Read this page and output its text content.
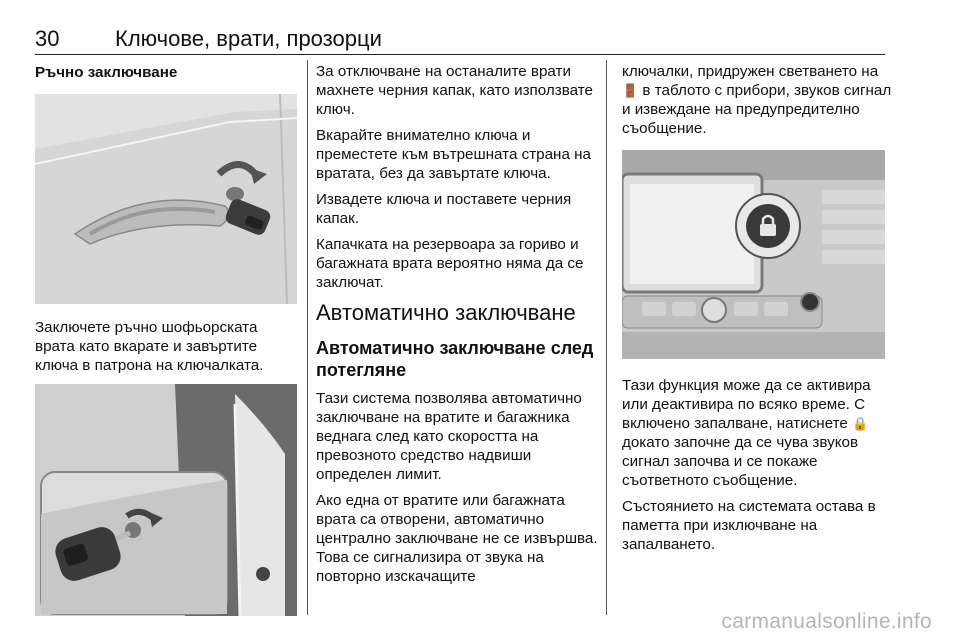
30	Ключове, врати, прозорци
Ръчно заключване

Заключете ръчно шофьорската врата като вкарате и завъртите ключа в патрона на ключалката.

За отключване на останалите врати махнете черния капак, като използвате ключ.

Вкарайте внимателно ключа и преместете към вътрешната страна на вратата, без да завъртате ключа.

Извадете ключа и поставете черния капак.

Капачката на резервоара за гориво и багажната врата вероятно няма да се заключат.

Автоматично заключване
Автоматично заключване след потегляне

Тази система позволява автоматично заключване на вратите и багажника веднага след като скоростта на превозното средство надвиши определен лимит.

Ако една от вратите или багажната врата са отворени, автоматично централно заключване не се извършва. Това се сигнализира от звука на повторно изскачащите

ключалки, придружен светването на 🚪 в таблото с прибори, звуков сигнал и извеждане на предупредително съобщение.

Тази функция може да се активира или деактивира по всяко време. С включено запалване, натиснете 🔒 докато започне да се чува звуков сигнал започва и се покаже съответното съобщение.

Състоянието на системата остава в паметта при изключване на запалването.

carmanualsonline.info
